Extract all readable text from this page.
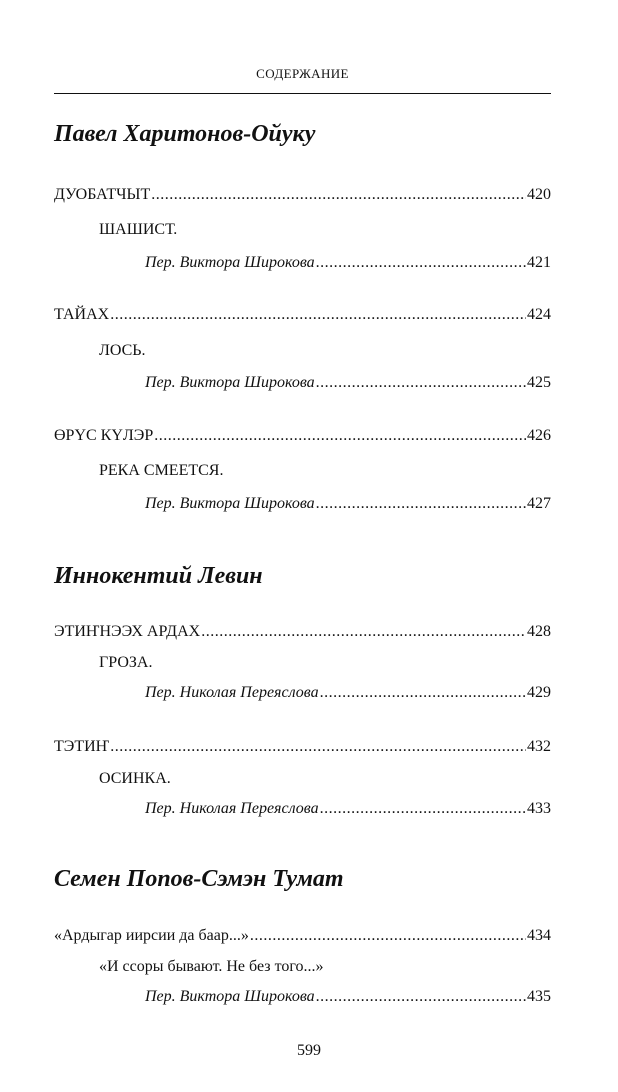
СОДЕРЖАНИЕ
Павел Харитонов-Ойуку
ДУОБАТЧЫТ .....	420
ШАШИСТ.
Пер. Виктора Широкова .....	421
ТАЙАХ .....	424
ЛОСЬ.
Пер. Виктора Широкова .....	425
ӨРҮС КҮЛЭР .....	426
РЕКА СМЕЕТСЯ.
Пер. Виктора Широкова .....	427
Иннокентий Левин
ЭТИҤНЭЭХ АРДАХ .....	428
ГРОЗА.
Пер. Николая Переяслова .....	429
ТЭТИҤ .....	432
ОСИНКА.
Пер. Николая Переяслова .....	433
Семен Попов-Сэмэн Тумат
«Ардыгар иирсии да баар...» .....	434
«И ссоры бывают. Не без того...»
Пер. Виктора Широкова .....	435
599
